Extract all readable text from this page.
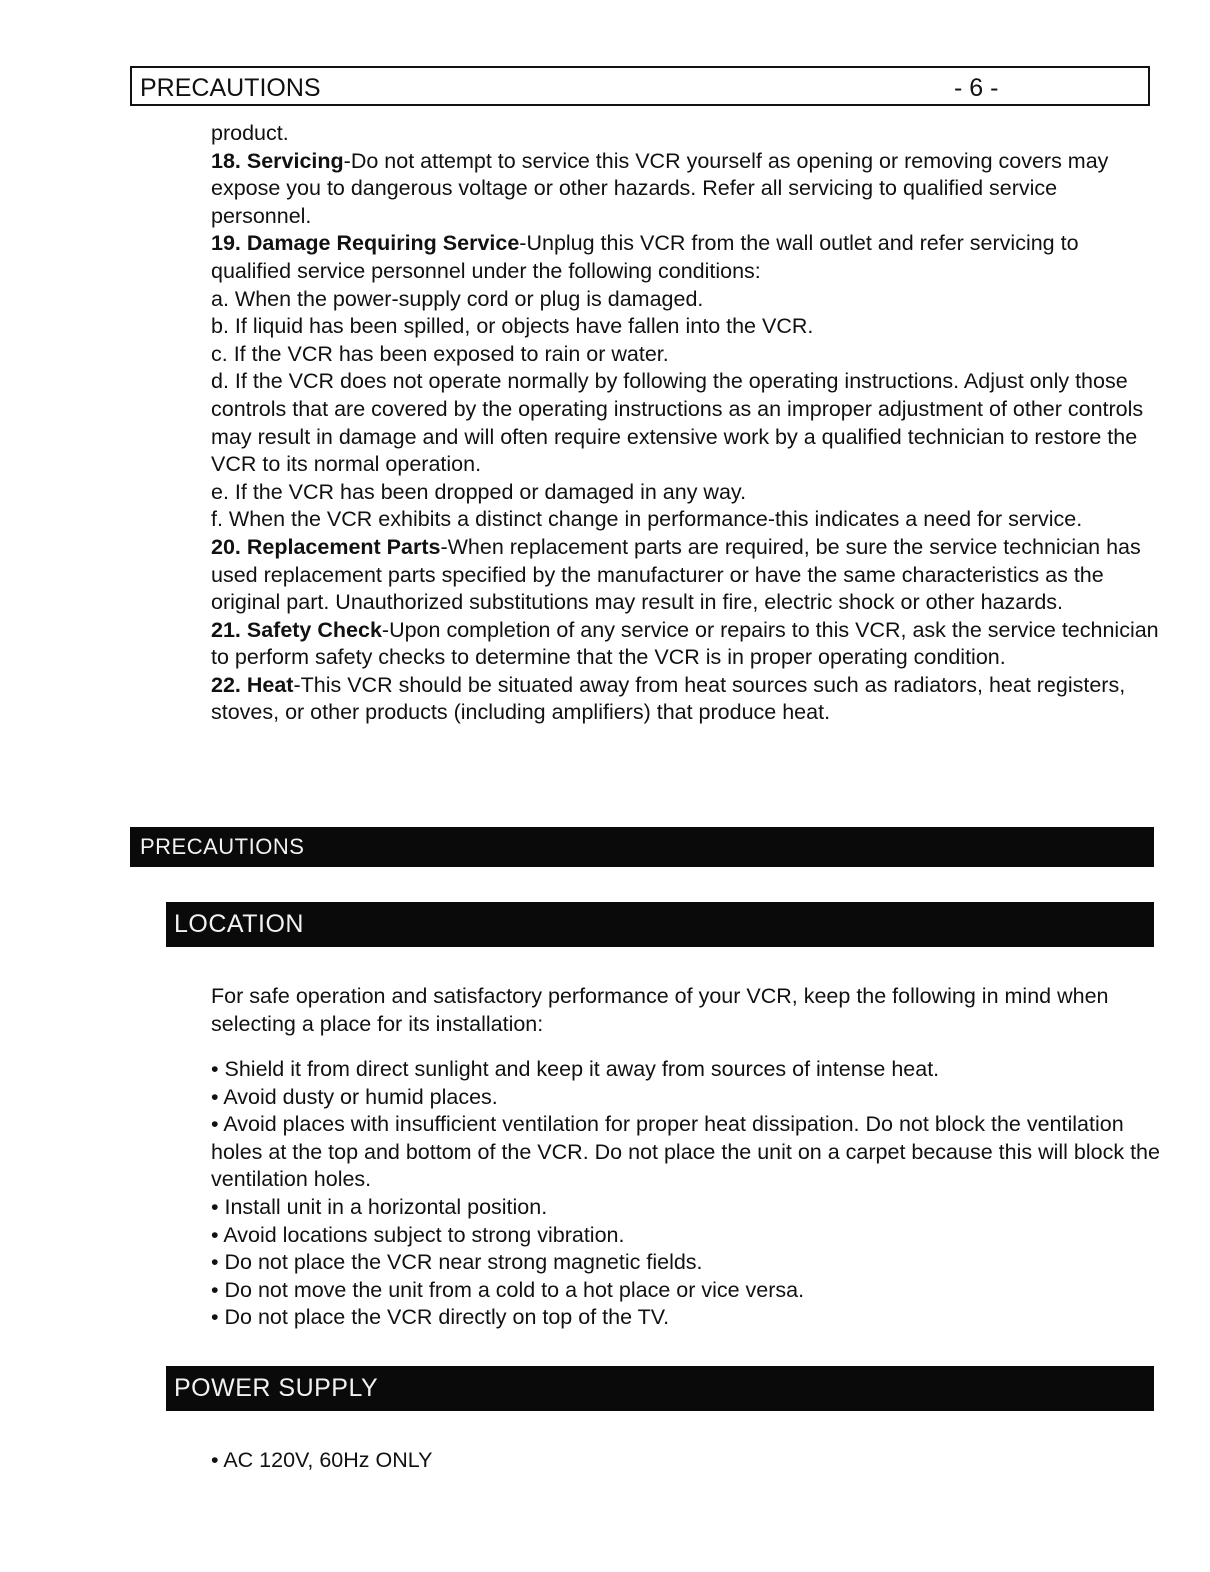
PRECAUTIONS	- 6 -

product.

18. Servicing-Do not attempt to service this VCR yourself as opening or removing covers may expose you to dangerous voltage or other hazards. Refer all servicing to qualified service personnel.

19. Damage Requiring Service-Unplug this VCR from the wall outlet and refer servicing to qualified service personnel under the following conditions:

a. When the power-supply cord or plug is damaged.

b. If liquid has been spilled, or objects have fallen into the VCR.

c. If the VCR has been exposed to rain or water.

d. If the VCR does not operate normally by following the operating instructions. Adjust only those controls that are covered by the operating instructions as an improper adjustment of other controls may result in damage and will often require extensive work by a qualified technician to restore the VCR to its normal operation.

e. If the VCR has been dropped or damaged in any way.

f. When the VCR exhibits a distinct change in performance-this indicates a need for service.

20. Replacement Parts-When replacement parts are required, be sure the service technician has used replacement parts specified by the manufacturer or have the same characteristics as the original part. Unauthorized substitutions may result in fire, electric shock or other hazards.

21. Safety Check-Upon completion of any service or repairs to this VCR, ask the service technician to perform safety checks to determine that the VCR is in proper operating condition.

22. Heat-This VCR should be situated away from heat sources such as radiators, heat registers, stoves, or other products (including amplifiers) that produce heat.

PRECAUTIONS
LOCATION

For safe operation and satisfactory performance of your VCR, keep the following in mind when selecting a place for its installation:

• Shield it from direct sunlight and keep it away from sources of intense heat.

• Avoid dusty or humid places.

• Avoid places with insufficient ventilation for proper heat dissipation. Do not block the ventilation holes at the top and bottom of the VCR. Do not place the unit on a carpet because this will block the ventilation holes.

• Install unit in a horizontal position.

• Avoid locations subject to strong vibration.

• Do not place the VCR near strong magnetic fields.

• Do not move the unit from a cold to a hot place or vice versa.

• Do not place the VCR directly on top of the TV.

POWER SUPPLY

• AC 120V, 60Hz ONLY
